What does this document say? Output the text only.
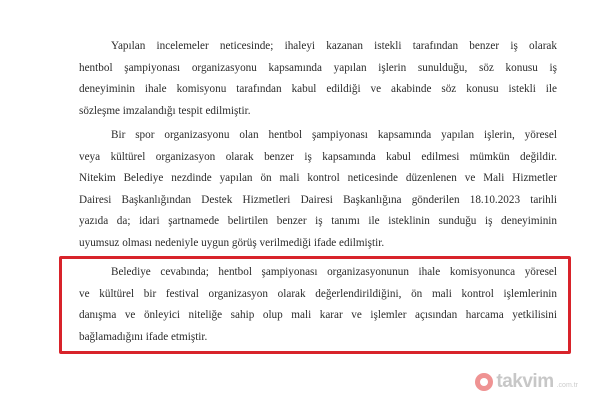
Yapılan incelemeler neticesinde; ihaleyi kazanan istekli tarafından benzer iş olarak
hentbol şampiyonası organizasyonu kapsamında yapılan işlerin sunulduğu, söz konusu iş
deneyiminin ihale komisyonu tarafından kabul edildiği ve akabinde söz konusu istekli ile
sözleşme imzalandığı tespit edilmiştir.

Bir spor organizasyonu olan hentbol şampiyonası kapsamında yapılan işlerin, yöresel
veya kültürel organizasyon olarak benzer iş kapsamında kabul edilmesi mümkün değildir.
Nitekim Belediye nezdinde yapılan ön mali kontrol neticesinde düzenlenen ve Mali Hizmetler
Dairesi Başkanlığından Destek Hizmetleri Dairesi Başkanlığına gönderilen 18.10.2023 tarihli
yazıda da; idari şartnamede belirtilen benzer iş tanımı ile isteklinin sunduğu iş deneyiminin
uyumsuz olması nedeniyle uygun görüş verilmediği ifade edilmiştir.

Belediye cevabında; hentbol şampiyonası organizasyonunun ihale komisyonunca yöresel
ve kültürel bir festival organizasyon olarak değerlendirildiğini, ön mali kontrol işlemlerinin
danışma ve önleyici niteliğe sahip olup mali karar ve işlemler açısından harcama yetkilisini
bağlamadığını ifade etmiştir.

takvim .com.tr
